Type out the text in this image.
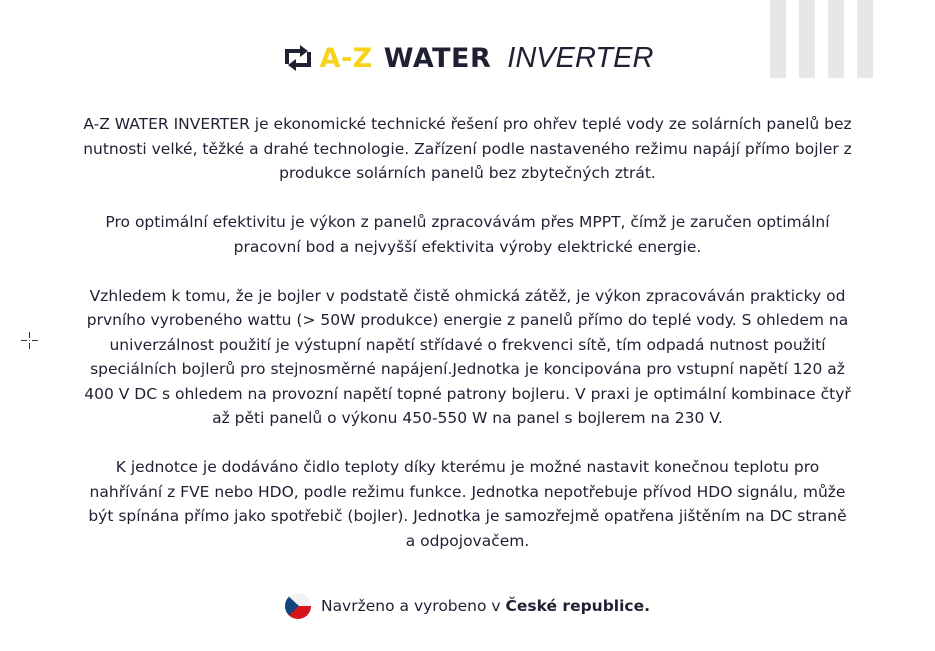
A-Z WATER INVERTER

A-Z WATER INVERTER je ekonomické technické řešení pro ohřev teplé vody ze solárních panelů bez nutnosti velké, těžké a drahé technologie. Zařízení podle nastaveného režimu napájí přímo bojler z produkce solárních panelů bez zbytečných ztrát.

Pro optimální efektivitu je výkon z panelů zpracovávám přes MPPT, čímž je zaručen optimální pracovní bod a nejvyšší efektivita výroby elektrické energie.

Vzhledem k tomu, že je bojler v podstatě čistě ohmická zátěž, je výkon zpracováván prakticky od prvního vyrobeného wattu (> 50W produkce) energie z panelů přímo do teplé vody. S ohledem na univerzálnost použití je výstupní napětí střídavé o frekvenci sítě, tím odpadá nutnost použití speciálních bojlerů pro stejnosměrné napájení.Jednotka je koncipována pro vstupní napětí 120 až 400 V DC s ohledem na provozní napětí topné patrony bojleru. V praxi je optimální kombinace čtyř až pěti panelů o výkonu 450-550 W na panel s bojlerem na 230 V.

K jednotce je dodáváno čidlo teploty díky kterému je možné nastavit konečnou teplotu pro nahřívání z FVE nebo HDO, podle režimu funkce. Jednotka nepotřebuje přívod HDO signálu, může být spínána přímo jako spotřebič (bojler). Jednotka je samozřejmě opatřena jištěním na DC straně a odpojovačem.

Navrženo a vyrobeno v České republice.
